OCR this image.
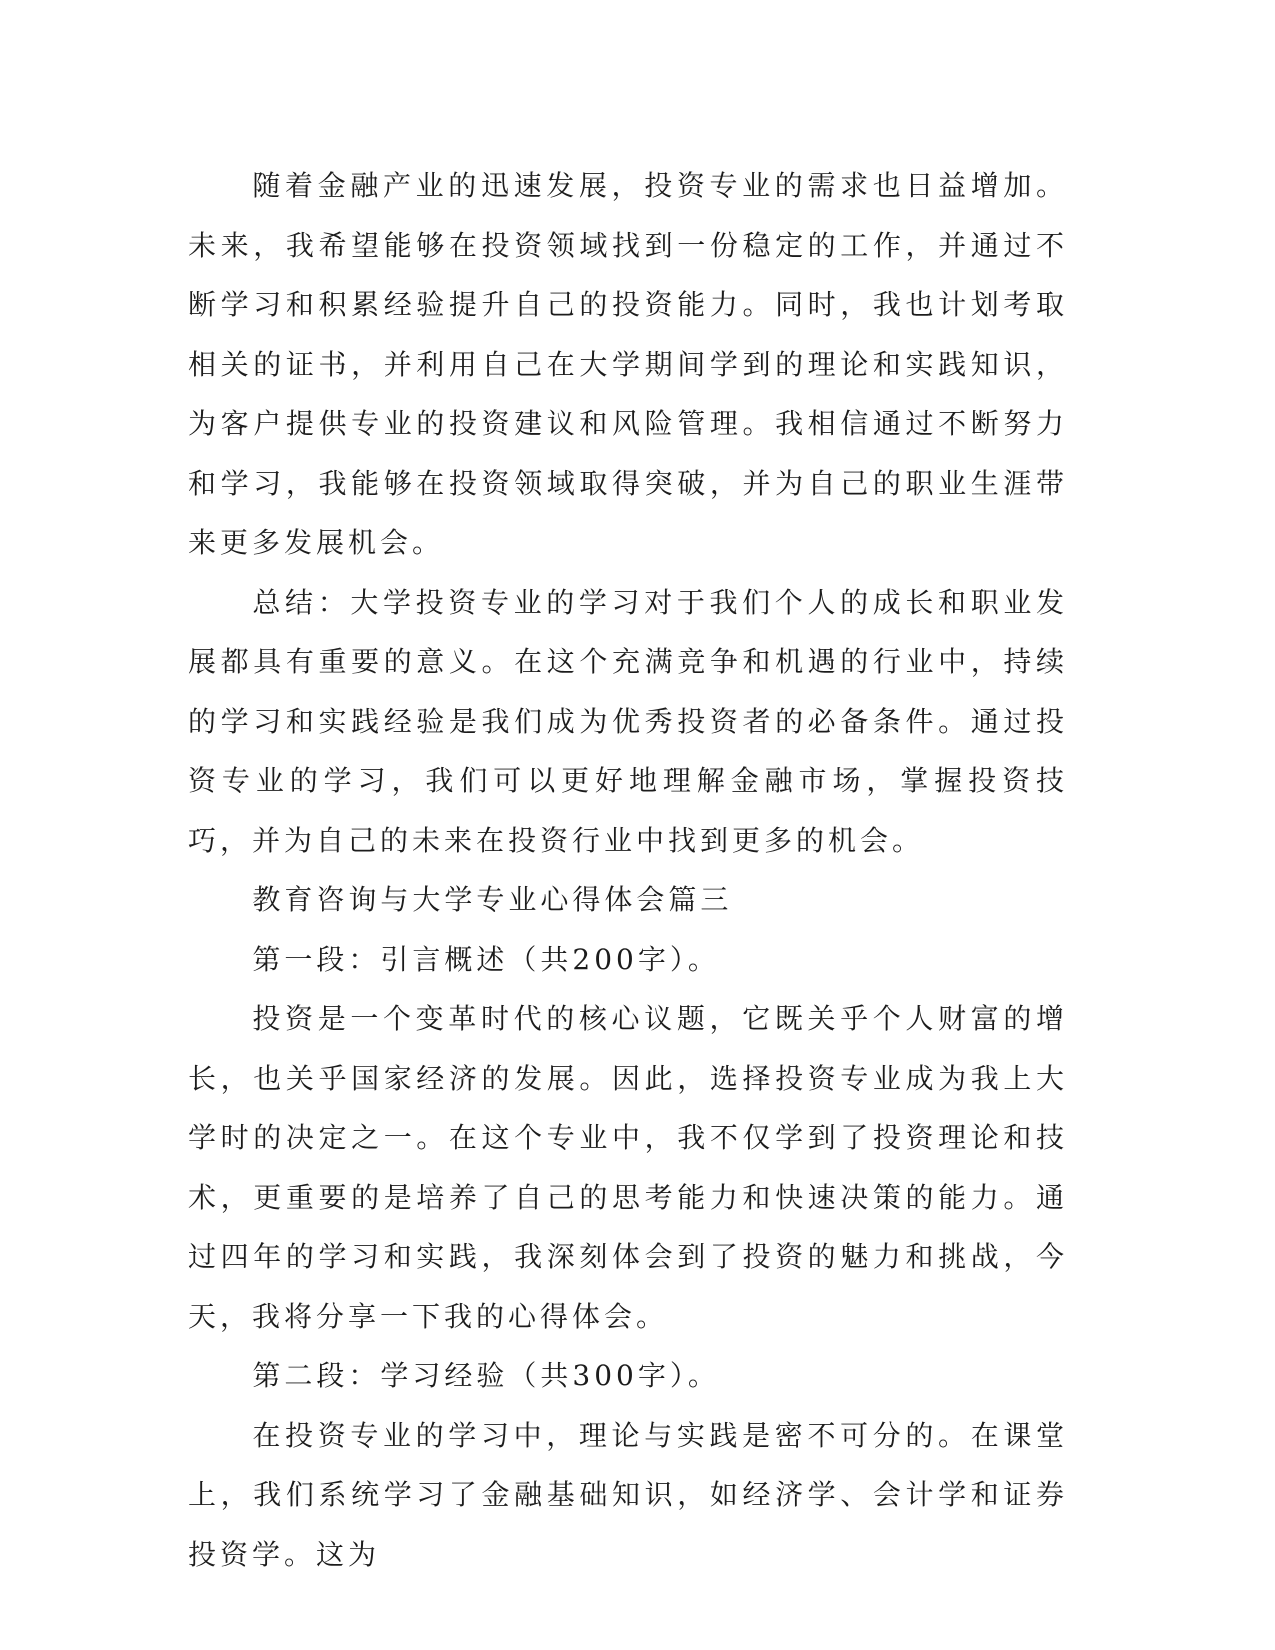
随着金融产业的迅速发展，投资专业的需求也日益增加。未来，我希望能够在投资领域找到一份稳定的工作，并通过不断学习和积累经验提升自己的投资能力。同时，我也计划考取相关的证书，并利用自己在大学期间学到的理论和实践知识，为客户提供专业的投资建议和风险管理。我相信通过不断努力和学习，我能够在投资领域取得突破，并为自己的职业生涯带来更多发展机会。

总结：大学投资专业的学习对于我们个人的成长和职业发展都具有重要的意义。在这个充满竞争和机遇的行业中，持续的学习和实践经验是我们成为优秀投资者的必备条件。通过投资专业的学习，我们可以更好地理解金融市场，掌握投资技巧，并为自己的未来在投资行业中找到更多的机会。

教育咨询与大学专业心得体会篇三

第一段：引言概述（共200字）。

投资是一个变革时代的核心议题，它既关乎个人财富的增长，也关乎国家经济的发展。因此，选择投资专业成为我上大学时的决定之一。在这个专业中，我不仅学到了投资理论和技术，更重要的是培养了自己的思考能力和快速决策的能力。通过四年的学习和实践，我深刻体会到了投资的魅力和挑战，今天，我将分享一下我的心得体会。

第二段：学习经验（共300字）。

在投资专业的学习中，理论与实践是密不可分的。在课堂上，我们系统学习了金融基础知识，如经济学、会计学和证券投资学。这为
